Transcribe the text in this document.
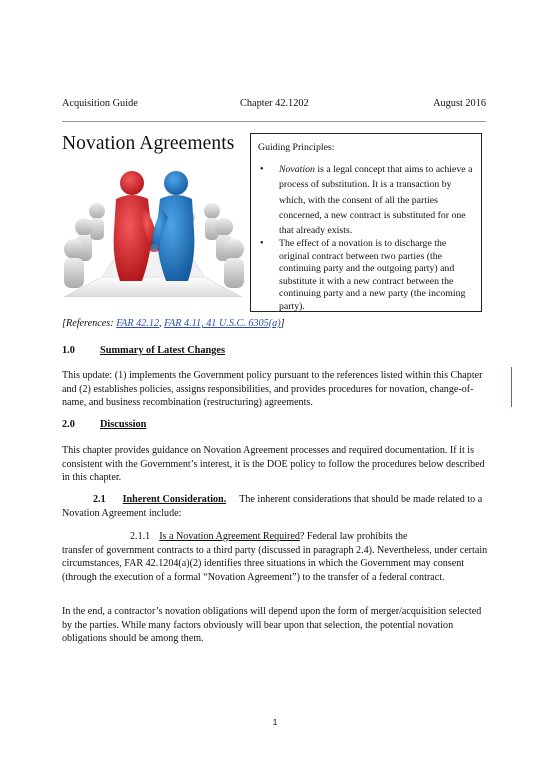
Acquisition Guide	Chapter 42.1202	August 2016
Novation Agreements Guiding Principles:
• Novation is a legal concept that aims to achieve a process of substitution. It is a transaction by which, with the consent of all the parties concerned, a new contract is substituted for one that already exists.
• The effect of a novation is to discharge the original contract between two parties (the continuing party and the outgoing party) and substitute it with a new contract between the continuing party and a new party (the incoming party).
[References: FAR 42.12, FAR 4.11, 41 U.S.C. 6305(a)]
1.0 Summary of Latest Changes
This update: (1) implements the Government policy pursuant to the references listed within this Chapter and (2) establishes policies, assigns responsibilities, and provides procedures for novation, change-of-name, and business recombination (restructuring) agreements.
2.0 Discussion
This chapter provides guidance on Novation Agreement processes and required documentation. If it is consistent with the Government’s interest, it is the DOE policy to follow the procedures below described in this chapter.
2.1 Inherent Consideration. The inherent considerations that should be made related to a Novation Agreement include:
2.1.1 Is a Novation Agreement Required? Federal law prohibits the
transfer of government contracts to a third party (discussed in paragraph 2.4). Nevertheless, under certain circumstances, FAR 42.1204(a)(2) identifies three situations in which the Government may consent (through the execution of a formal “Novation Agreement”) to the transfer of a federal contract.
In the end, a contractor’s novation obligations will depend upon the form of merger/acquisition selected by the parties. While many factors obviously will bear upon that selection, the potential novation obligations should be among them.
1
